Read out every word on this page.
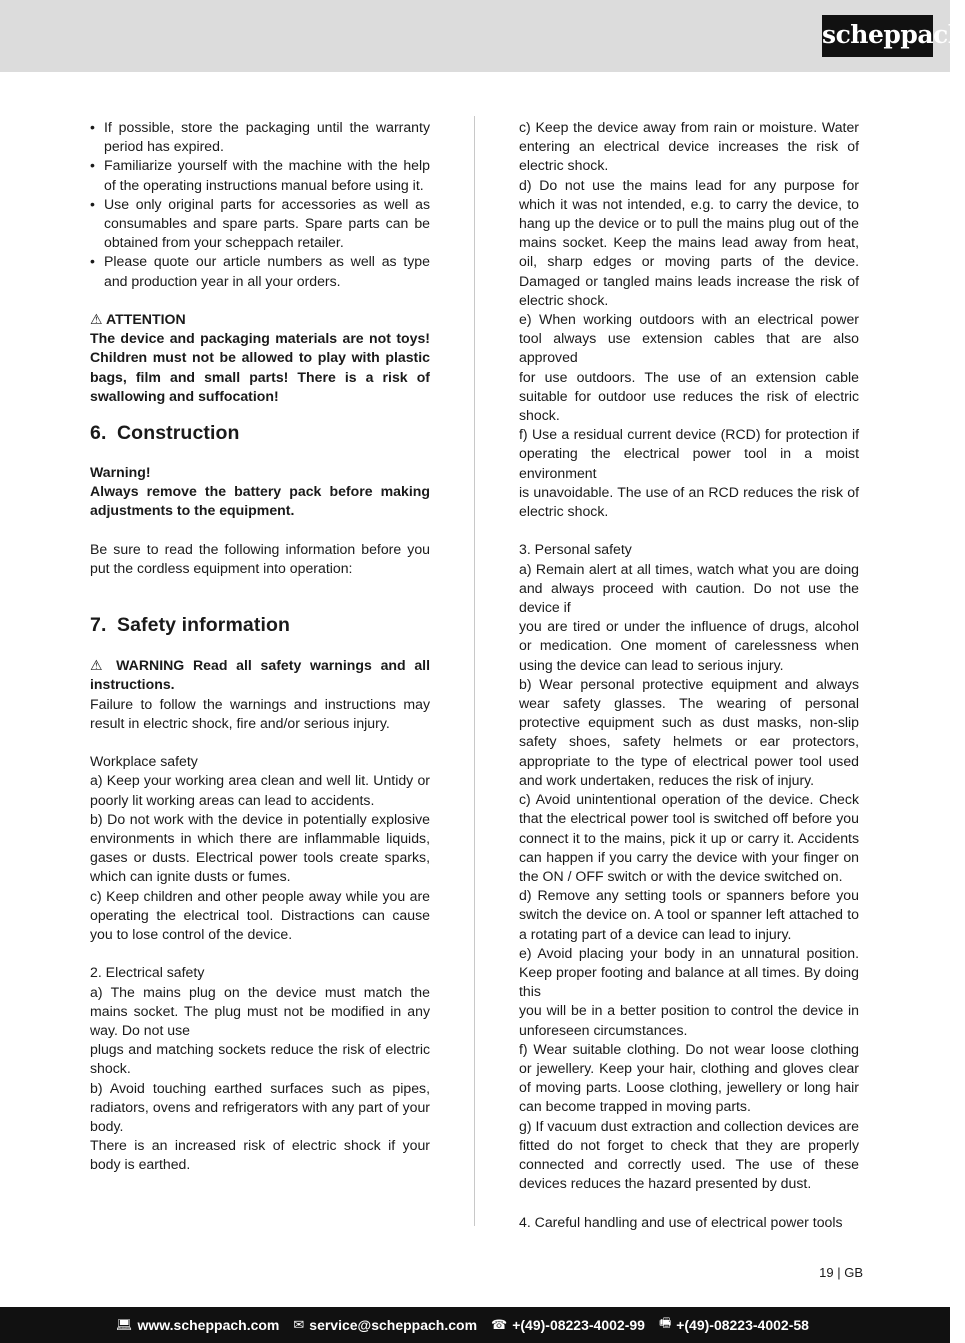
scheppach
• If possible, store the packaging until the warranty period has expired.
• Familiarize yourself with the machine with the help of the operating instructions manual before using it.
• Use only original parts for accessories as well as consumables and spare parts. Spare parts can be obtained from your scheppach retailer.
• Please quote our article numbers as well as type and production year in all your orders.

⚠ ATTENTION

The device and packaging materials are not toys! Children must not be allowed to play with plastic bags, film and small parts! There is a risk of swallowing and suffocation!

6. Construction

Warning!

Always remove the battery pack before making adjustments to the equipment.

Be sure to read the following information before you put the cordless equipment into operation:

7. Safety information

⚠ WARNING Read all safety warnings and all instructions.

Failure to follow the warnings and instructions may result in electric shock, fire and/or serious injury.

Workplace safety

a) Keep your working area clean and well lit. Untidy or poorly lit working areas can lead to accidents.

b) Do not work with the device in potentially explosive environments in which there are inflammable liquids, gases or dusts. Electrical power tools create sparks, which can ignite dusts or fumes.

c) Keep children and other people away while you are operating the electrical tool. Distractions can cause you to lose control of the device.

2. Electrical safety

a) The mains plug on the device must match the mains socket. The plug must not be modified in any way. Do not use

plugs and matching sockets reduce the risk of electric shock.

b) Avoid touching earthed surfaces such as pipes, radiators, ovens and refrigerators with any part of your body.

There is an increased risk of electric shock if your body is earthed.

c) Keep the device away from rain or moisture. Water entering an electrical device increases the risk of electric shock.

d) Do not use the mains lead for any purpose for which it was not intended, e.g. to carry the device, to hang up the device or to pull the mains plug out of the mains socket. Keep the mains lead away from heat, oil, sharp edges or moving parts of the device. Damaged or tangled mains leads increase the risk of electric shock.

e) When working outdoors with an electrical power tool always use extension cables that are also approved

for use outdoors. The use of an extension cable suitable for outdoor use reduces the risk of electric shock.

f) Use a residual current device (RCD) for protection if operating the electrical power tool in a moist environment

is unavoidable. The use of an RCD reduces the risk of electric shock.

3. Personal safety

a) Remain alert at all times, watch what you are doing and always proceed with caution. Do not use the device if

you are tired or under the influence of drugs, alcohol or medication. One moment of carelessness when using the device can lead to serious injury.

b) Wear personal protective equipment and always wear safety glasses. The wearing of personal protective equipment such as dust masks, non-slip safety shoes, safety helmets or ear protectors, appropriate to the type of electrical power tool used and work undertaken, reduces the risk of injury.

c) Avoid unintentional operation of the device. Check that the electrical power tool is switched off before you connect it to the mains, pick it up or carry it. Accidents can happen if you carry the device with your finger on the ON / OFF switch or with the device switched on.

d) Remove any setting tools or spanners before you switch the device on. A tool or spanner left attached to a rotating part of a device can lead to injury.

e) Avoid placing your body in an unnatural position. Keep proper footing and balance at all times. By doing this

you will be in a better position to control the device in unforeseen circumstances.

f) Wear suitable clothing. Do not wear loose clothing or jewellery. Keep your hair, clothing and gloves clear of moving parts. Loose clothing, jewellery or long hair can become trapped in moving parts.

g) If vacuum dust extraction and collection devices are fitted do not forget to check that they are properly connected and correctly used. The use of these devices reduces the hazard presented by dust.

4. Careful handling and use of electrical power tools

19 | GB
💻︎ www.scheppach.com ✉︎ service@scheppach.com ☎︎ +(49)-08223-4002-99 🖷︎ +(49)-08223-4002-58
